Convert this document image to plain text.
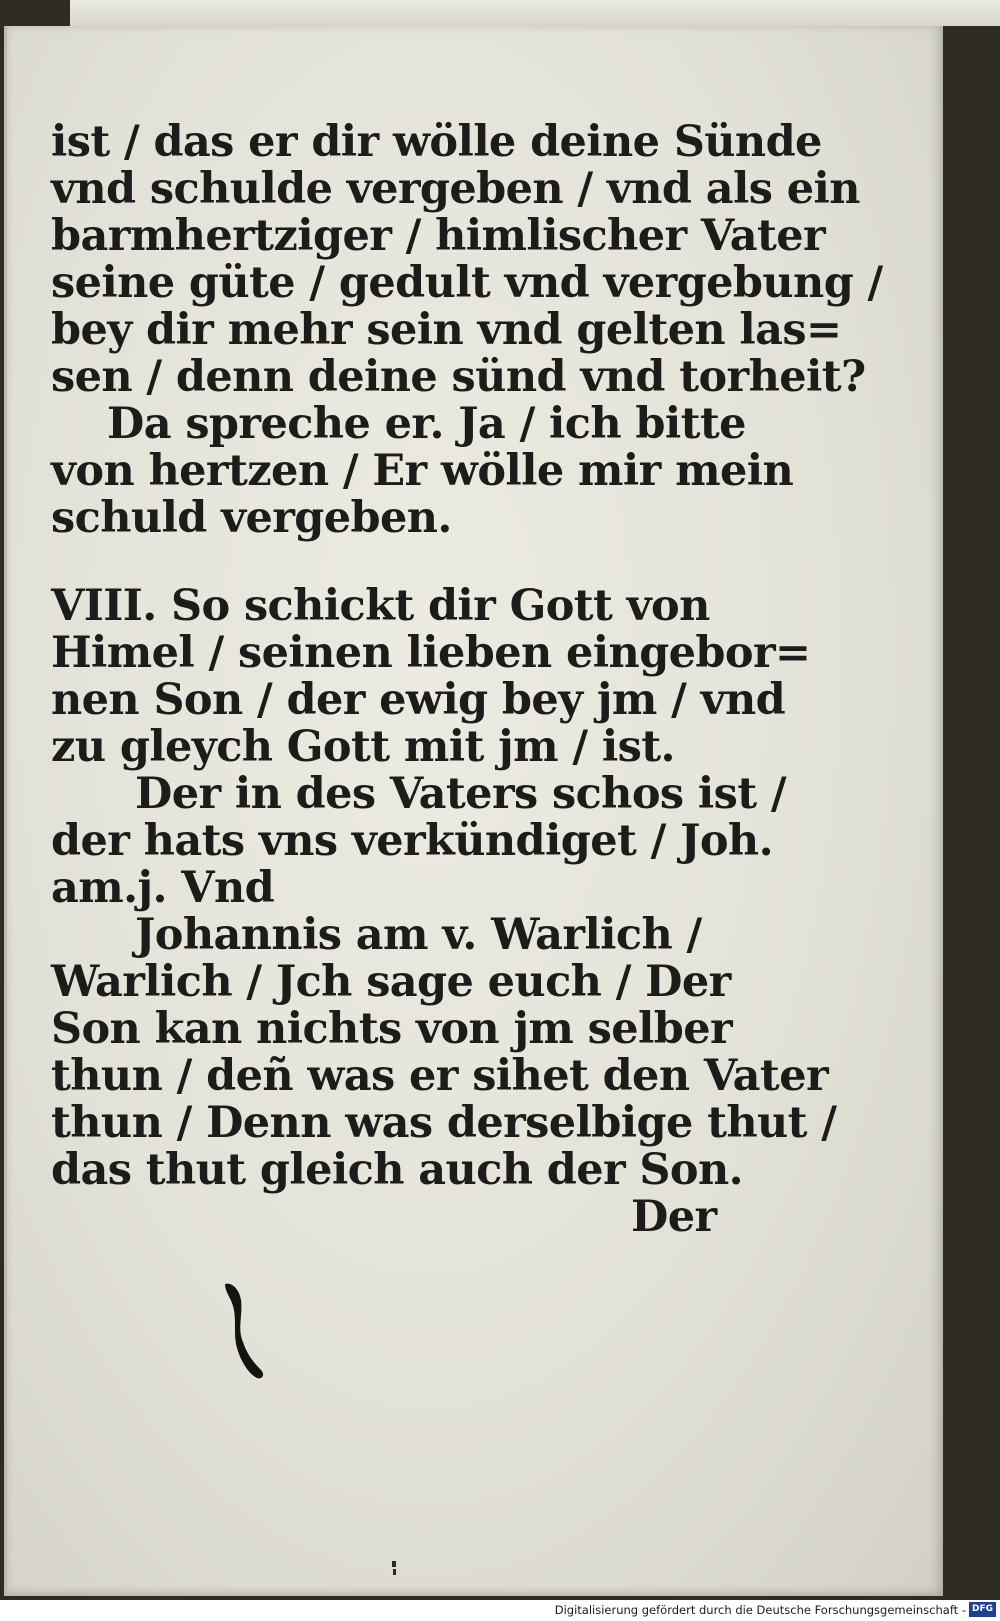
ist / das er dir wölle deine Sünde
vnd schulde vergeben / vnd als ein
barmhertziger / himlischer Vater
seine güte / gedult vnd vergebung /
bey dir mehr sein vnd gelten las=
sen / denn deine sünd vnd torheit?
Da spreche er. Ja / ich bitte
von hertzen / Er wölle mir mein
schuld vergeben.
VIII. So schickt dir Gott von
Himel / seinen lieben eingebor=
nen Son / der ewig bey jm / vnd
zu gleych Gott mit jm / ist.
Der in des Vaters schos ist /
der hats vns verkündiget / Joh.
am.j. Vnd
Johannis am v. Warlich /
Warlich / Jch sage euch / Der
Son kan nichts von jm selber
thun / deñ was er sihet den Vater
thun / Denn was derselbige thut /
das thut gleich auch der Son.
Der
Digitalisierung gefördert durch die Deutsche Forschungsgemeinschaft - DFG
